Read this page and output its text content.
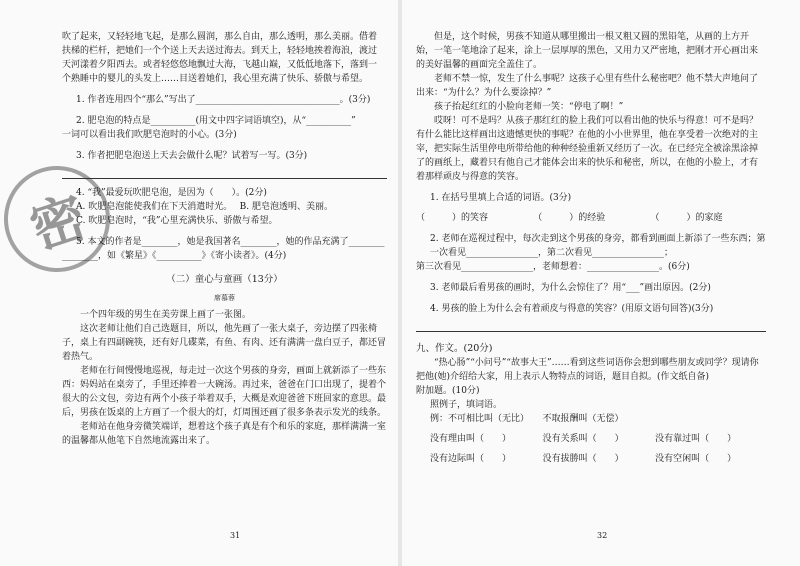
密

吹了起来，又轻轻地飞起，是那么圆润，那么自由，那么透明，那么美丽。借着

扶梯的栏杆，把她们一个个送上天去送过海去。到天上，轻轻地挨着海浪，渡过

天河漾着夕阳西去。或者轻悠悠地飘过大海，飞越山巅，又低低地落下，落到一

个熟睡中的婴儿的头发上……目送着她们，我心里充满了快乐、骄傲与希望。

1. 作者连用四个“那么”写出了________________________________。(3分)

2. 肥皂泡的特点是__________(用文中四字词语填空)，从“__________”

一词可以看出我们吹肥皂泡时的小心。(3分)

3. 作者把肥皂泡送上天去会做什么呢？试着写一写。(3分)

4. “我”最爱玩吹肥皂泡，是因为（　　）。(2分)

A. 吹肥皂泡能使我们在下天消遣时光。　 B. 肥皂泡透明、美丽。

C. 吹肥皂泡时，“我”心里充满快乐、骄傲与希望。

5. 本文的作者是________，她是我国著名________，她的作品充满了________

________，如《繁星》《__________》《寄小读者》。(4分)

（二）童心与童画（13分）

席慕蓉

一个四年级的男生在美劳课上画了一张图。

这次老师让他们自己选题目，所以，他先画了一张大桌子，旁边摆了四张椅子，桌上有四副碗筷，还有好几碟菜，有鱼、有肉、还有满满一盘白豆子，都还冒着热气。

老师在行间慢慢地巡视，每走过一次这个男孩的身旁，画面上就新添了一些东西：妈妈站在桌旁了，手里还捧着一大碗汤。再过来，爸爸在门口出现了，提着个很大的公文包，旁边有两个小孩子举着双手，大概是欢迎爸爸下班回家的意思。最后，男孩在饭桌的上方画了一个很大的灯，灯周围还画了很多条表示发光的线条。

老师站在他身旁微笑端详，想着这个孩子真是有个和乐的家庭，那样满满一室的温馨都从他笔下自然地流露出来了。

31

但是，这个时候，男孩不知道从哪里搬出一根又粗又圆的黑铅笔，从画的上方开始，一笔一笔地涂了起来，涂上一层厚厚的黑色，又用力又严密地，把刚才开心画出来的美好温馨的画面完全盖住了。

老师不禁一惊，发生了什么事呢？这孩子心里有些什么秘密吧？他不禁大声地问了出来：“为什么？为什么要涂掉？”

孩子抬起红红的小脸向老师一笑：“停电了啊！”

哎呀！可不是吗？从孩子那红红的脸上我们可以看出他的快乐与得意！可不是吗？有什么能比这样画出这遗憾更快的事呢？在他的小小世界里，他在享受着一次绝对的主宰，把实际生活里停电所带给他的种种经验重新又经历了一次。在已经完全被涂黑涂掉了的画纸上，藏着只有他自己才能体会出来的快乐和秘密，所以，在他的小脸上，才有着那样顽皮与得意的笑容。

1. 在括号里填上合适的词语。(3分)

（　　　）的笑容	（　　　）的经验	（　　　）的家庭

2. 老师在巡视过程中，每次走到这个男孩的身旁，都看到画面上新添了一些东西；第一次看见________________，第二次看见________________；

第三次看见________________，老师想着：________________。(6分)

3. 老师最后看男孩的画时，为什么会惊住了？用“___”画出原因。(2分)

4. 男孩的脸上为什么会有着顽皮与得意的笑容？(用原文语句回答)(3分)

九、作文。(20分)

“热心肠”“小问号”“故事大王”……看到这些词语你会想到哪些朋友或同学？现请你把他(她)介绍给大家，用上表示人物特点的词语，题目自拟。(作文纸自备)

附加题。(10分)

照例子，填词语。

例：不可相比叫（无比）　　不取报酬叫（无偿）

没有理由叫（　　）	没有关系叫（　　）	没有靠过叫（　　）
没有边际叫（　　）	没有拔勝叫（　　）	没有空闲叫（　　）
32
